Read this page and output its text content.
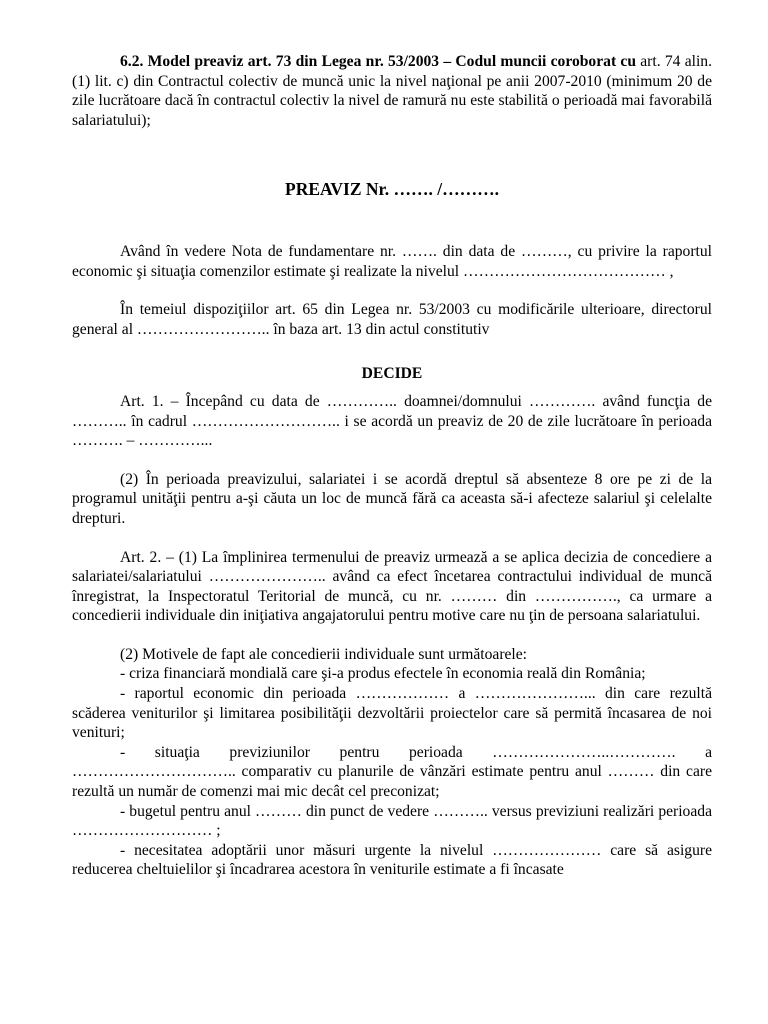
6.2. Model preaviz art. 73 din Legea nr. 53/2003 – Codul muncii coroborat cu art. 74 alin. (1) lit. c) din Contractul colectiv de muncă unic la nivel naţional pe anii 2007-2010 (minimum 20 de zile lucrătoare dacă în contractul colectiv la nivel de ramură nu este stabilită o perioadă mai favorabilă salariatului);

PREAVIZ Nr. ……. /……….

Având în vedere Nota de fundamentare nr. ……. din data de ………, cu privire la raportul economic şi situaţia comenzilor estimate şi realizate la nivelul ………………………………… ,

În temeiul dispoziţiilor art. 65 din Legea nr. 53/2003 cu modificările ulterioare, directorul general al …………………….. în baza art. 13 din actul constitutiv

DECIDE

Art. 1. – Începând cu data de ………….. doamnei/domnului …………. având funcţia de ……….. în cadrul ……………………….. i se acordă un preaviz de 20 de zile lucrătoare în perioada ………. – …………...

(2) În perioada preavizului, salariatei i se acordă dreptul să absenteze 8 ore pe zi de la programul unităţii pentru a-şi căuta un loc de muncă fără ca aceasta să-i afecteze salariul şi celelalte drepturi.

Art. 2. – (1) La împlinirea termenului de preaviz urmează a se aplica decizia de concediere a salariatei/salariatului ………………….. având ca efect încetarea contractului individual de muncă înregistrat, la Inspectoratul Teritorial de muncă, cu nr. ……… din ……………., ca urmare a concedierii individuale din iniţiativa angajatorului pentru motive care nu ţin de persoana salariatului.

(2) Motivele de fapt ale concedierii individuale sunt următoarele:

- criza financiară mondială care şi-a produs efectele în economia reală din România;

- raportul economic din perioada ……………… a …………………... din care rezultă scăderea veniturilor şi limitarea posibilităţii dezvoltării proiectelor care să permită încasarea de noi venituri;

- situaţia previziunilor pentru perioada …………………..…………. a ………………………….. comparativ cu planurile de vânzări estimate pentru anul ……… din care rezultă un număr de comenzi mai mic decât cel preconizat;

- bugetul pentru anul ……… din punct de vedere ……….. versus previziuni realizări perioada ……………………… ;

- necesitatea adoptării unor măsuri urgente la nivelul ………………… care să asigure reducerea cheltuielilor şi încadrarea acestora în veniturile estimate a fi încasate
